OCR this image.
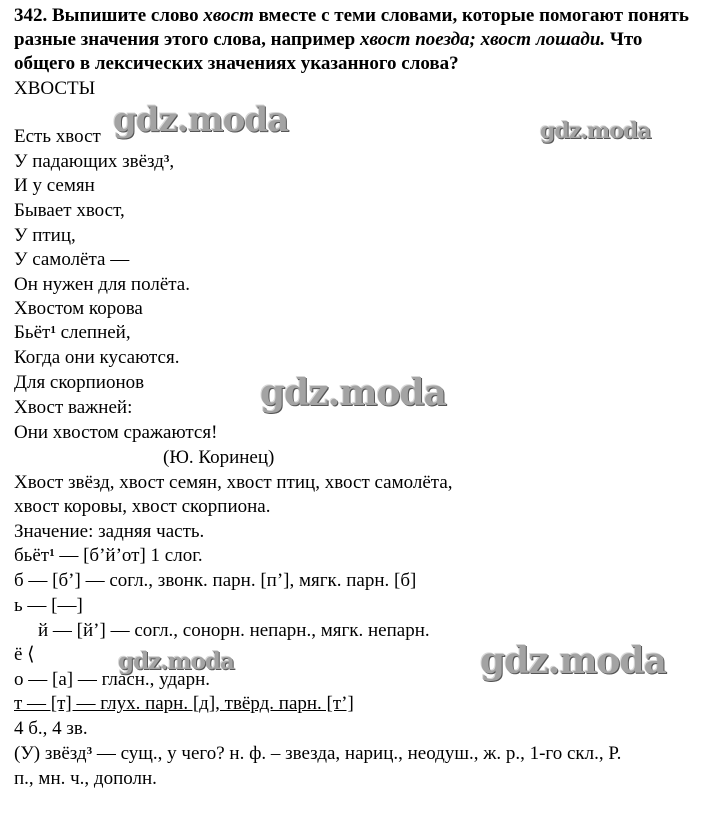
342. Выпишите слово хвост вместе с теми словами, которые помогают понять разные значения этого слова, например хвост поезда; хвост лошади. Что общего в лексических значениях указанного слова?
ХВОСТЫ
Есть хвост
У падающих звёзд$^3$,
И у семян
Бывает хвост,
У птиц,
У самолёта —
Он нужен для полёта.
Хвостом корова
Бьёт$^1$ слепней,
Когда они кусаются.
Для скорпионов
Хвост важней:
Они хвостом сражаются!
(Ю. Коринец)
Хвост звёзд, хвост семян, хвост птиц, хвост самолёта,
хвост коровы, хвост скорпиона.
Значение: задняя часть.
бьёт$^1$ — [б’й’от] 1 слог.
б — [б’] — согл., звонк. парн. [п’], мягк. парн. [б]
ь — [—]
й — [й’] — согл., сонорн. непарн., мягк. непарн.
ё ⟨
о — [а] — гласн., ударн.
т — [т] — глух. парн. [д], твёрд. парн. [т’]
4 б., 4 зв.
(У) звёзд$^3$ — сущ., у чего? н. ф. – звезда, нариц., неодуш., ж. р., 1-го скл., Р.
п., мн. ч., дополн.
gdz.moda	gdz.moda
gdz.moda
gdz.moda	gdz.moda
